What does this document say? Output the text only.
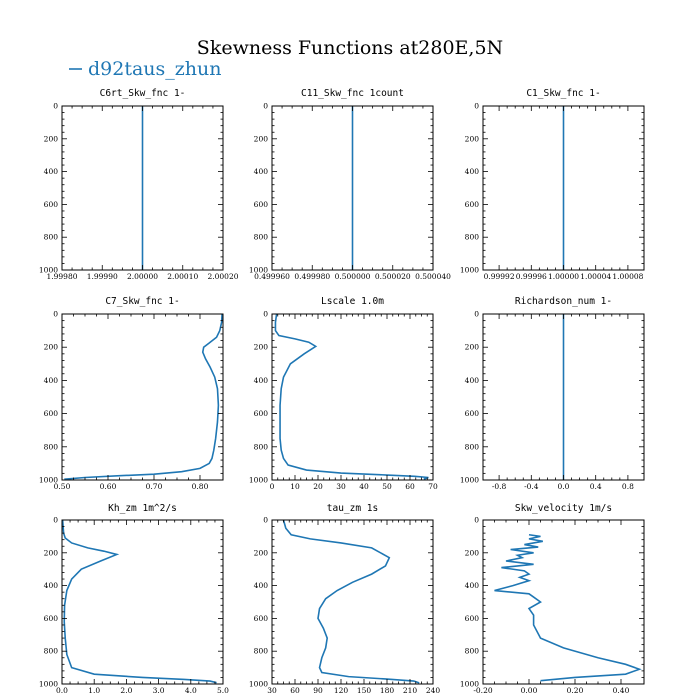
Skewness Functions at280E,5N
d92taus_zhun
C6rt_Skw_fnc 1-
0
200
400
600
800
1000
1.99980 1.99990 2.00000 2.00010 2.00020
C11_Skw_fnc 1count
0
200
400
600
800
1000
0.499960 0.499980 0.500000 0.500020 0.500040
C1_Skw_fnc 1-
0
200
400
600
800
1000
0.99992 0.99996 1.00000 1.00004 1.00008
C7_Skw_fnc 1-
0
200
400
600
800
1000
0.50	0.60	0.70	0.80
Lscale 1.0m
0
200
400
600
800
1000
0 10 20 30 40 50 60 70
Richardson_num 1-
0
200
400
600
800
1000
-0.8 -0.4	0.0	0.4	0.8
Kh_zm 1m^2/s
0
200
400
600
800
1000
0.0	1.0	2.0	3.0	4.0	5.0
tau_zm 1s
0
200
400
600
800
1000
30 60 90 120 150 180 210 240
Skw_velocity 1m/s
0
200
400
600
800
1000
-0.20	0.00	0.20	0.40
